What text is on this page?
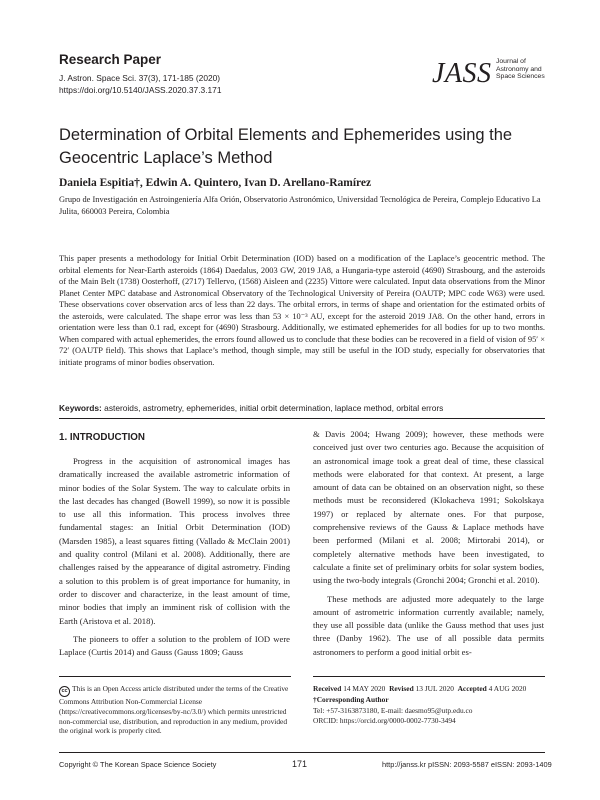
Research Paper
J. Astron. Space Sci. 37(3), 171-185 (2020)
https://doi.org/10.5140/JASS.2020.37.3.171
JASS Journal of
Astronomy and
Space Sciences
Determination of Orbital Elements and Ephemerides using the Geocentric Laplace’s Method
Daniela Espitia†, Edwin A. Quintero, Ivan D. Arellano-Ramírez
Grupo de Investigación en Astroingeniería Alfa Orión, Observatorio Astronómico, Universidad Tecnológica de Pereira, Complejo Educativo La Julita, 660003 Pereira, Colombia
This paper presents a methodology for Initial Orbit Determination (IOD) based on a modification of the Laplace’s geocentric method. The orbital elements for Near-Earth asteroids (1864) Daedalus, 2003 GW, 2019 JA8, a Hungaria-type asteroid (4690) Strasbourg, and the asteroids of the Main Belt (1738) Oosterhoff, (2717) Tellervo, (1568) Aisleen and (2235) Vittore were calculated. Input data observations from the Minor Planet Center MPC database and Astronomical Observatory of the Technological University of Pereira (OAUTP; MPC code W63) were used. These observations cover observation arcs of less than 22 days. The orbital errors, in terms of shape and orientation for the estimated orbits of the asteroids, were calculated. The shape error was less than 53 × 10⁻³ AU, except for the asteroid 2019 JA8. On the other hand, errors in orientation were less than 0.1 rad, except for (4690) Strasbourg. Additionally, we estimated ephemerides for all bodies for up to two months. When compared with actual ephemerides, the errors found allowed us to conclude that these bodies can be recovered in a field of vision of 95′ × 72′ (OAUTP field). This shows that Laplace’s method, though simple, may still be useful in the IOD study, especially for observatories that initiate programs of minor bodies observation.
Keywords: asteroids, astrometry, ephemerides, initial orbit determination, laplace method, orbital errors
1. INTRODUCTION

Progress in the acquisition of astronomical images has dramatically increased the available astrometric information of minor bodies of the Solar System. The way to calculate orbits in the last decades has changed (Bowell 1999), so now it is possible to use all this information. This process involves three fundamental stages: an Initial Orbit Determination (IOD) (Marsden 1985), a least squares fitting (Vallado & McClain 2001) and quality control (Milani et al. 2008). Additionally, there are challenges raised by the appearance of digital astrometry. Finding a solution to this problem is of great importance for humanity, in order to discover and characterize, in the least amount of time, minor bodies that imply an imminent risk of collision with the Earth (Aristova et al. 2018).

The pioneers to offer a solution to the problem of IOD were Laplace (Curtis 2014) and Gauss (Gauss 1809; Gauss

& Davis 2004; Hwang 2009); however, these methods were conceived just over two centuries ago. Because the acquisition of an astronomical image took a great deal of time, these classical methods were elaborated for that context. At present, a large amount of data can be obtained on an observation night, so these methods must be reconsidered (Klokacheva 1991; Sokolskaya 1997) or replaced by alternate ones. For that purpose, comprehensive reviews of the Gauss & Laplace methods have been performed (Milani et al. 2008; Mirtorabi 2014), or completely alternative methods have been investigated, to calculate a finite set of preliminary orbits for solar system bodies, using the two-body integrals (Gronchi 2004; Gronchi et al. 2010).

These methods are adjusted more adequately to the large amount of astrometric information currently available; namely, they use all possible data (unlike the Gauss method that uses just three (Danby 1962). The use of all possible data permits astronomers to perform a good initial orbit es-

cc This is an Open Access article distributed under the terms of the Creative Commons Attribution Non-Commercial License (https://creativecommons.org/licenses/by-nc/3.0/) which permits unrestricted non-commercial use, distribution, and reproduction in any medium, provided the original work is properly cited.
Received 14 MAY 2020 Revised 13 JUL 2020 Accepted 4 AUG 2020
†Corresponding Author
Tel: +57-3163873180, E-mail: daesmo95@utp.edu.co
ORCID: https://orcid.org/0000-0002-7730-3494
Copyright © The Korean Space Science Society	171	http://janss.kr pISSN: 2093-5587 eISSN: 2093-1409
